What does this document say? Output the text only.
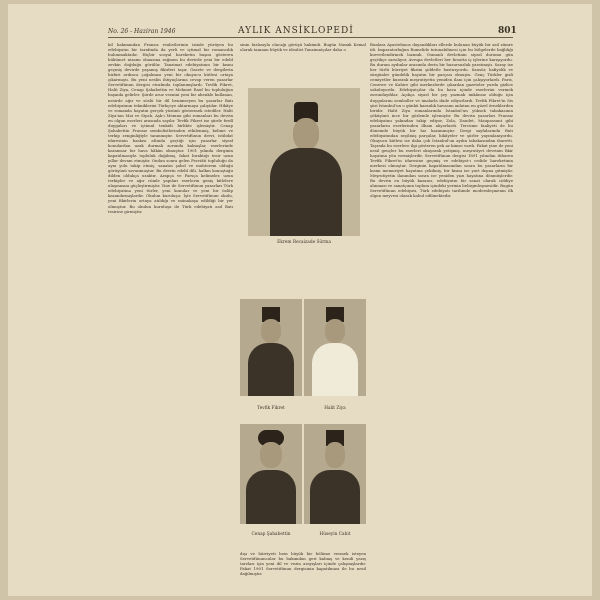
No. 26 - Haziran 1946	AYLIK ANSİKLOPEDİ	801
kil bakımından Fransız realistlerinin izinde yürüyen bu edebiyatın bir tarafında da yerli ve içtimaî bir romancılık bulunmaktadır. Hiçbir sosyal hareketin başını gösteren hükümet nizamı olmasına rağmen bu devirde yeni bir edebî zevkin doğduğu görülür. Tanzimat edebiyatının bir kısmı geçmiş devirde yaşamış fikirleri taşır. Gazete ve dergilerin birbiri ardınca çoğalması yeni bir okuyucu kütlesi ortaya çıkarmıştı. Bu yeni neslin ihtiyaçlarına cevap veren yazarlar Servetifünun dergisi etrafında toplanmışlardı. Tevfik Fikret, Halit Ziya, Cenap Şahabettin ve Mehmet Rauf bu topluluğun başında gelirler. Şiirde aruz veznini yeni bir ahenkle kullanan, nesirde ağır ve süslü bir dil benimseyen bu yazarlar Batı edebiyatının tekniklerini Türkçeye aktarmaya çalıştılar. Hikâye ve romanda hayatın gerçek yüzünü göstermek istediler. Halit Ziya'nın Mai ve Siyah, Aşk-ı Memnu gibi romanları bu devrin en olgun eserleri arasında sayılır. Tevfik Fikret ise şiirde ferdî duyguları ve içtimaî tenkidi birlikte işlemiştir. Cenap Şahabettin Fransız sembolistlerinden etkilenmiş, kelime ve terkip zenginliğiyle tanınmıştır. Servetifünun devri, istibdat idaresinin baskısı altında geçtiği için yazarlar siyasî konulardan uzak durmak zorunda kalmışlar, eserlerinde karamsar bir hava hâkim olmuştur. 1901 yılında derginin kapatılmasıyla topluluk dağılmış, fakat bıraktığı tesir uzun yıllar devam etmiştir. Ondan sonra gelen Fecriâti topluluğu da aynı yolu takip etmiş, sanatın şahsî ve muhterem olduğu görüşünü savunmuştur. Bu devrin edebî dili, halkın konuştuğu dilden oldukça uzaktır. Arapça ve Farsça kelimeler, uzun terkipler ve ağır cümle yapıları eserlerin geniş kitlelere ulaşmasını güçleştirmiştir. Yine de Servetifünun yazarları Türk edebiyatına yeni türler, yeni konular ve yeni bir üslûp kazandırmışlardır. Okulun kuruluşu: İşte Servetifünun okulu, yeni fikirlerin ortaya atıldığı ve münakaşa edildiği bir yer olmuştur. Bu okulun kuruluşu ile Türk edebiyatı asıl Batı tesirine girmiştir.
sinin fazlasıyla olacağı görüşü hakimdi. Bugün Namık Kemal olarak tanınan büyük ve idealist Tanzimatçılar daha o
Ekrem Recaizade Sürma
Tevfik Fikret	Halit Ziya
Cenap Şahabettin	Hüseyin Cahit
dışı ve hürriyeti hem büyük bir bölüme vermek isteyen Servetifünuncular bu bakımdan geri kalmış ve kendi yazış tarzları için yeni dil ve vezin arayışları içinde çalışmışlardır. Fakat 1901 Servetifünun dergisinin kapatılması ile bu nesil dağılmıştır.
Bunlara Ayastefanos dayandıkları ellerde bulunan büyük bir asil zümre idi. İmparatorluğun Rumelide tutunabilmesi için bu bölgelerde bağlılığı kuvvetlendirmek lazımdı. Osmanlı devletinin siyasî durumu gün geçtikçe sarsılıyor, Avrupa devletleri her fırsatta iç işlerine karışıyordu. Bu durum aydınlar arasında derin bir huzursuzluk yaratmıştı. Saray ise her türlü hürriyet fikrini şiddetle bastırıyordu. Sansür, hafiyelik ve sürgünler gündelik hayatın bir parçası olmuştu. Genç Türkler gizli cemiyetler kurarak meşrutiyetin yeniden ilanı için çalışıyorlardı. Paris, Cenevre ve Kahire gibi merkezlerde çıkarılan gazeteler yurda gizlice sokuluyordu. Edebiyatçılar da bu hava içinde eserlerini vermek zorundaydılar. Açıkça siyasî bir şey yazmak imkânsız olduğu için duygularını semboller ve imalarla ifade ediyorlardı. Tevfik Fikret'in Sis şiiri İstanbul'un o günkü karanlık havasını anlatan en güzel örneklerden biridir. Halit Ziya romanlarında İstanbul'un yüksek tabakasının çöküşünü ince bir gözlemle işlemiştir. Bu devrin yazarları Fransız edebiyatını yakından takip ediyor, Zola, Daudet, Maupassant gibi yazarların eserlerinden ilham alıyorlardı. Tercüme faaliyeti de bu dönemde büyük bir hız kazanmıştır. Dergi sayfalarında Batı edebiyatından seçilmiş parçalar, hikâyeler ve şiirler yayımlanıyordu. Okuyucu kütlesi ise daha çok İstanbul'un aydın tabakasından ibaretti. Taşrada bu eserlere ilgi gösteren pek az kimse vardı. Fakat yine de yeni nesil gençler bu eserleri okuyarak yetişmiş, meşrutiyet devrinin fikir hayatına yön vermişlerdir. Servetifünun dergisi 1891 yılından itibaren Tevfik Fikret'in idaresine geçmiş ve edebiyat-ı cedide hareketinin merkezi olmuştur. Derginin kapatılmasından sonra bu yazarların bir kısmı memuriyet hayatına çekilmiş, bir kısmı ise yurt dışına gitmiştir. Meşrutiyetin ilanından sonra ise yeniden yazı hayatına dönmüşlerdir. Bu devrin en büyük kazancı, edebiyatın bir sanat olarak ciddiye alınması ve sanatçının toplum içindeki yerinin belirginleşmesidir. Bugün Servetifünun edebiyatı, Türk edebiyatı tarihinde modernleşmenin ilk olgun meyvesi olarak kabul edilmektedir.
